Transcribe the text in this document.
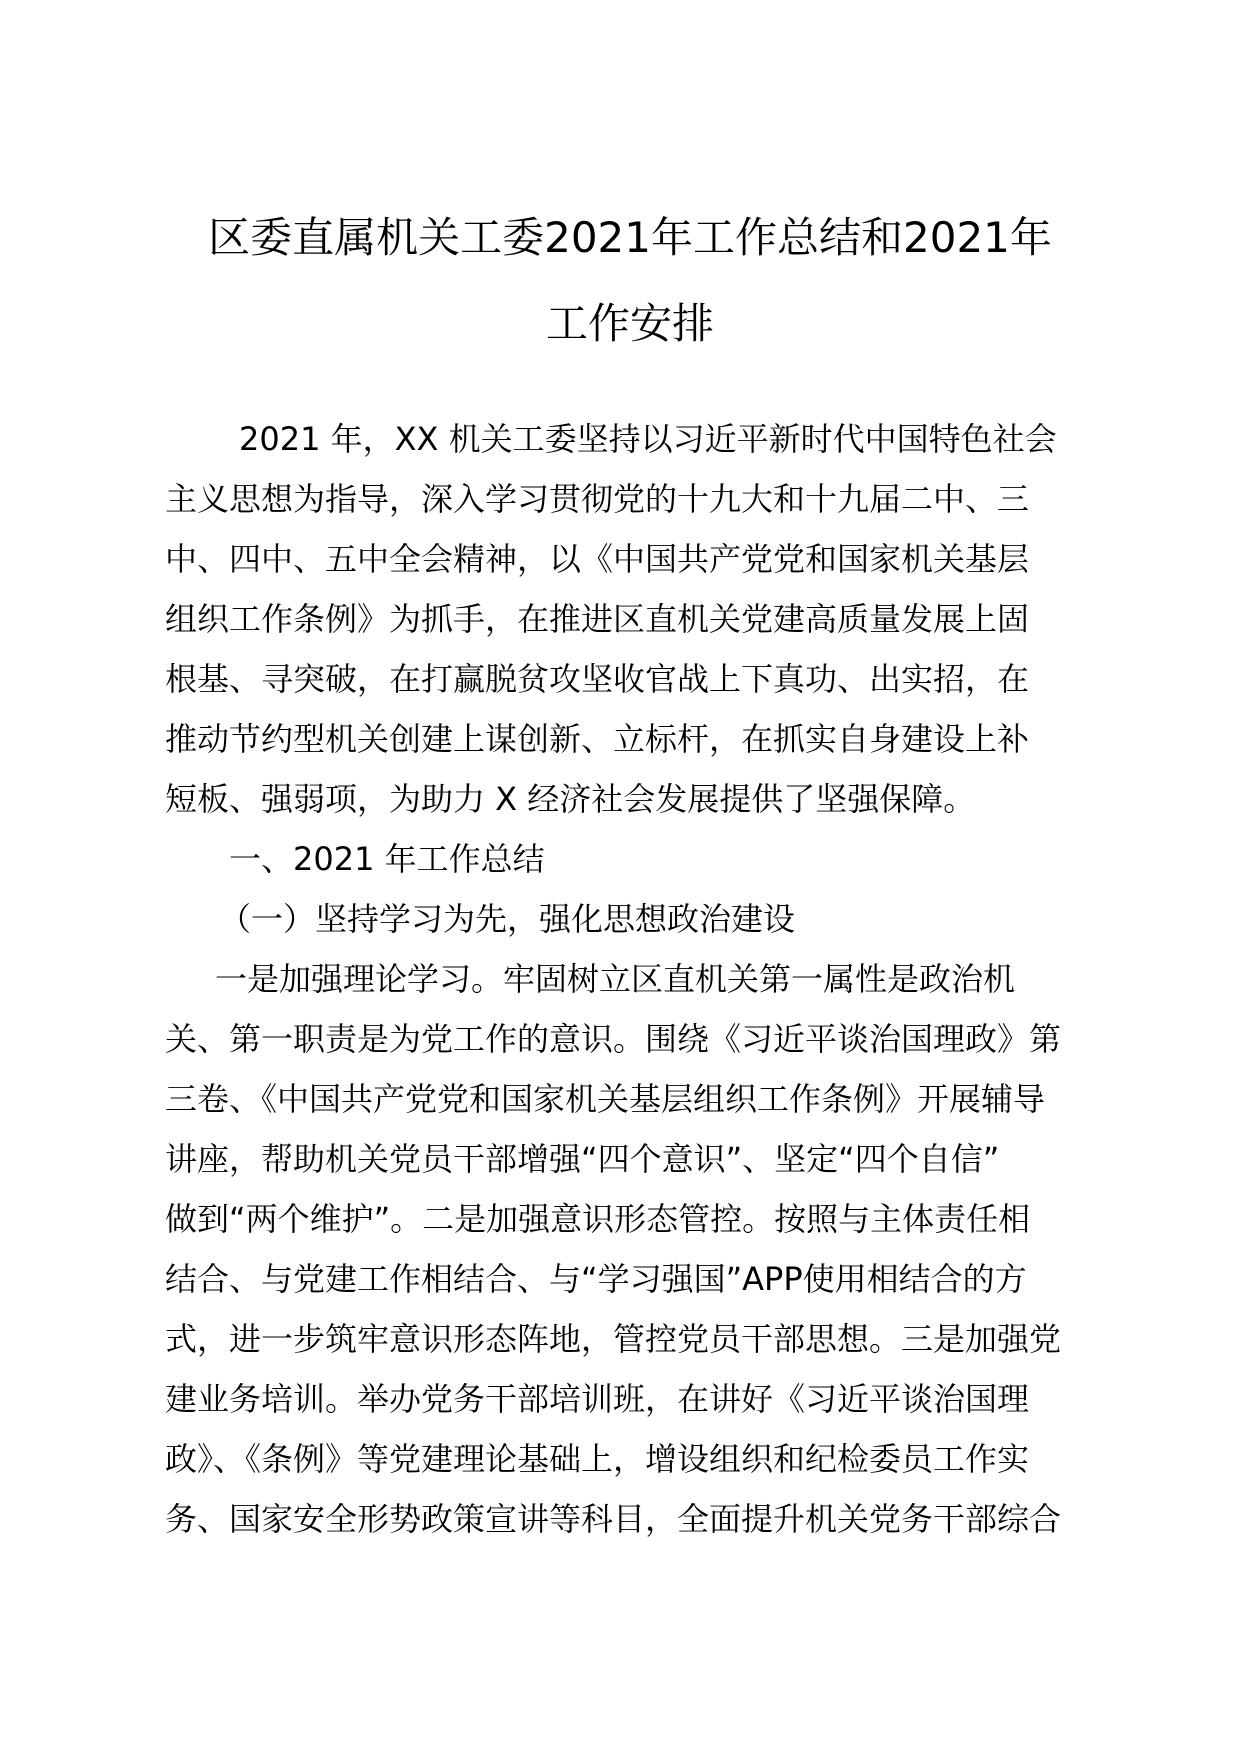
区委直属机关工委2021年工作总结和2021年
工作安排
2021 年，XX 机关工委坚持以习近平新时代中国特色社会
主义思想为指导，深入学习贯彻党的十九大和十九届二中、三
中、四中、五中全会精神，以《中国共产党党和国家机关基层
组织工作条例》为抓手，在推进区直机关党建高质量发展上固
根基、寻突破，在打赢脱贫攻坚收官战上下真功、出实招，在
推动节约型机关创建上谋创新、立标杆，在抓实自身建设上补
短板、强弱项，为助力 X 经济社会发展提供了坚强保障。
一、2021 年工作总结
（一）坚持学习为先，强化思想政治建设
一是加强理论学习。牢固树立区直机关第一属性是政治机
关、第一职责是为党工作的意识。围绕《习近平谈治国理政》第
三卷、《中国共产党党和国家机关基层组织工作条例》开展辅导
讲座，帮助机关党员干部增强“四个意识”、坚定“四个自信”
做到“两个维护”。二是加强意识形态管控。按照与主体责任相
结合、与党建工作相结合、与“学习强国”APP使用相结合的方
式，进一步筑牢意识形态阵地，管控党员干部思想。三是加强党
建业务培训。举办党务干部培训班，在讲好《习近平谈治国理
政》、《条例》等党建理论基础上，增设组织和纪检委员工作实
务、国家安全形势政策宣讲等科目，全面提升机关党务干部综合
